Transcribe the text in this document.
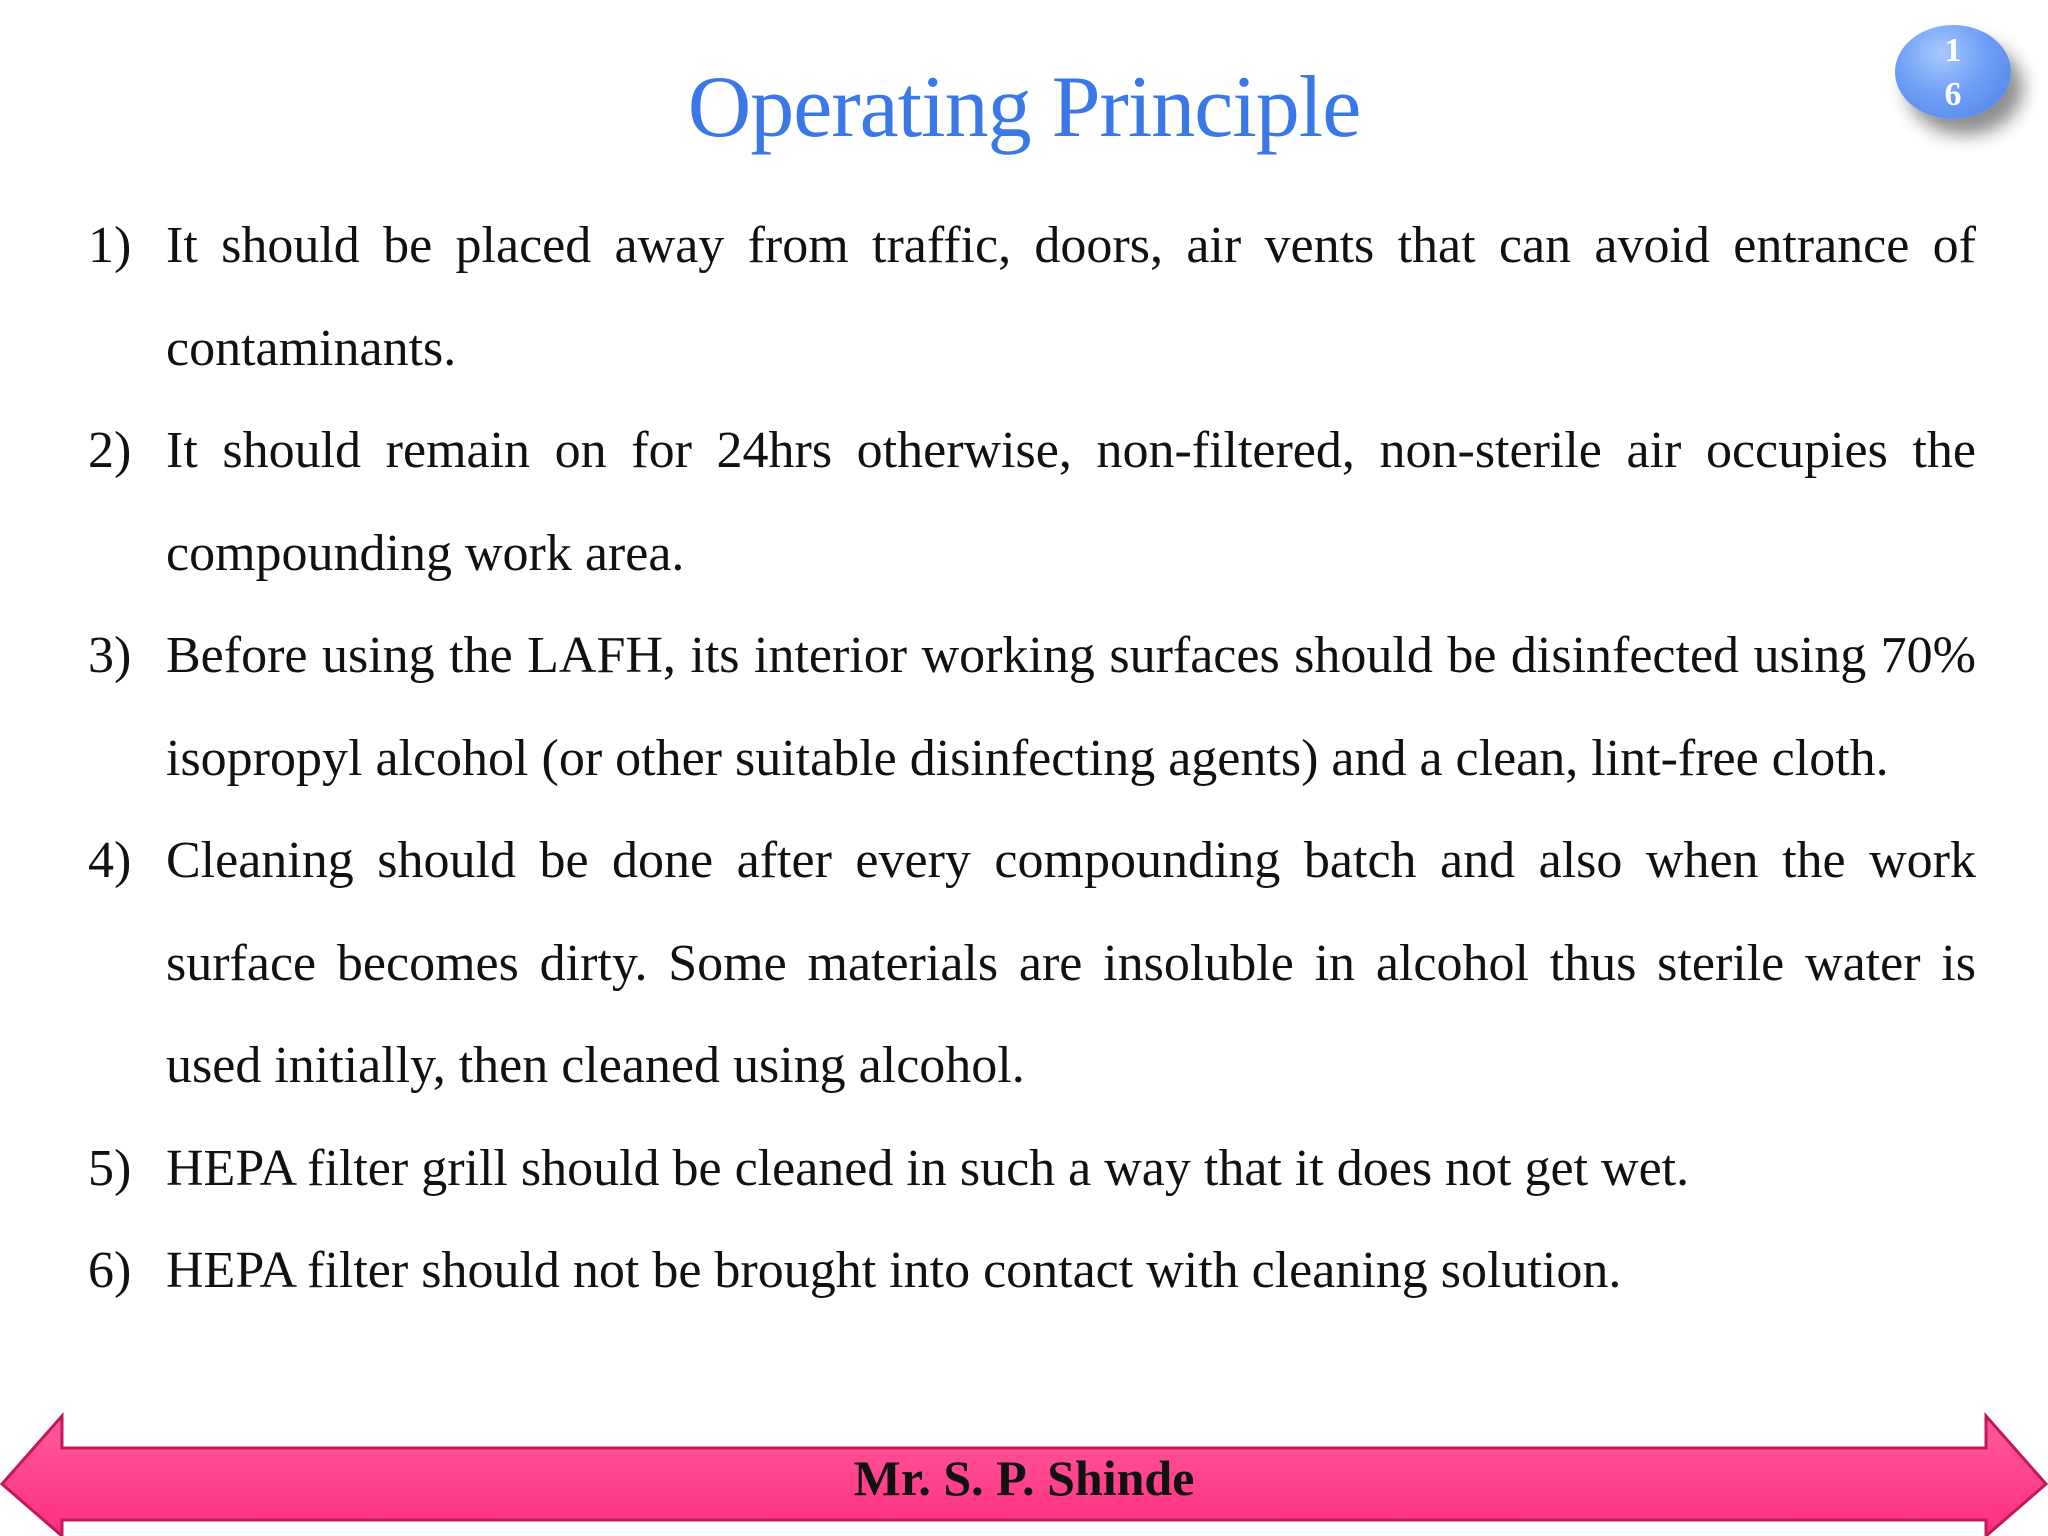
Operating Principle
1
6
1) It should be placed away from traffic, doors, air vents that can avoid entrance of contaminants.
2) It should remain on for 24hrs otherwise, non-filtered, non-sterile air occupies the compounding work area.
3) Before using the LAFH, its interior working surfaces should be disinfected using 70% isopropyl alcohol (or other suitable disinfecting agents) and a clean, lint-free cloth.
4) Cleaning should be done after every compounding batch and also when the work surface becomes dirty. Some materials are insoluble in alcohol thus sterile water is used initially, then cleaned using alcohol.
5) HEPA filter grill should be cleaned in such a way that it does not get wet.
6) HEPA filter should not be brought into contact with cleaning solution.
Mr. S. P. Shinde
